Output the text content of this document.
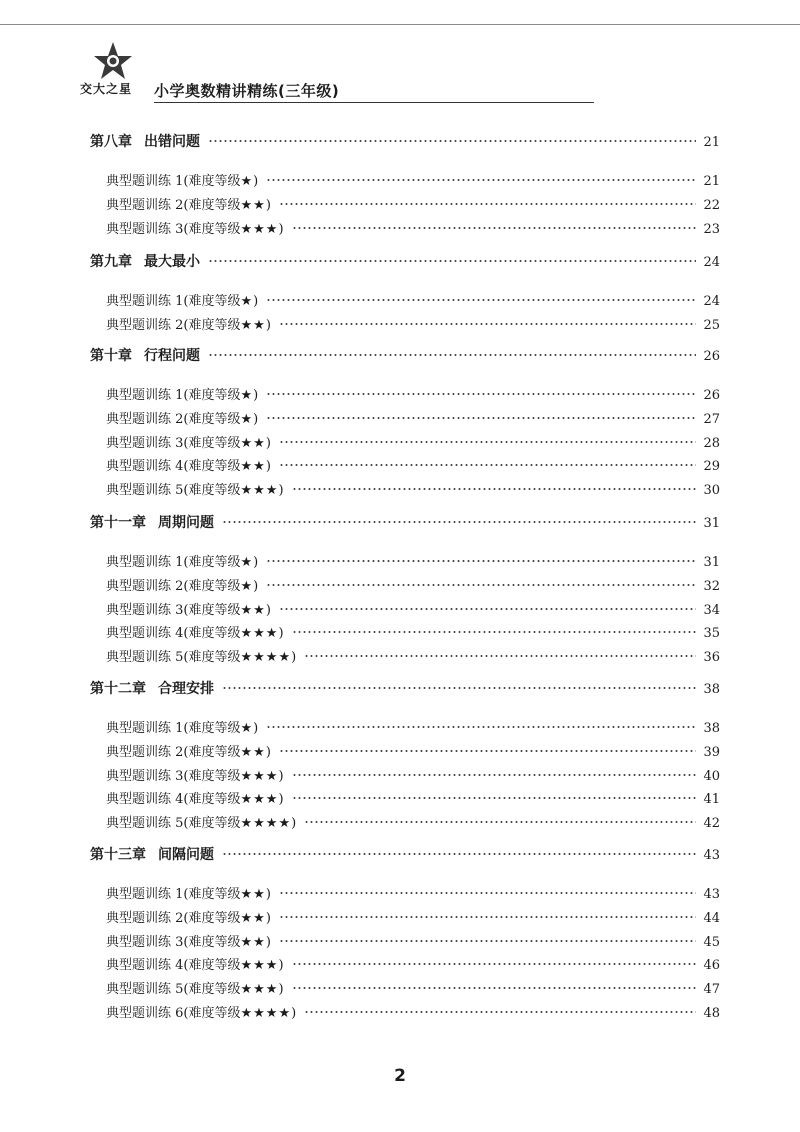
交大之星 小学奥数精讲精练(三年级)
第八章 出错问题	21
典型题训练 1( 难度等级 ★ )	21
典型题训练 2( 难度等级 ★★ )	22
典型题训练 3( 难度等级 ★★★ )	23
第九章 最大最小	24
典型题训练 1( 难度等级 ★ )	24
典型题训练 2( 难度等级 ★★ )	25
第十章 行程问题	26
典型题训练 1( 难度等级 ★ )	26
典型题训练 2( 难度等级 ★ )	27
典型题训练 3( 难度等级 ★★ )	28
典型题训练 4( 难度等级 ★★ )	29
典型题训练 5( 难度等级 ★★★ )	30
第十一章 周期问题	31
典型题训练 1( 难度等级 ★ )	31
典型题训练 2( 难度等级 ★ )	32
典型题训练 3( 难度等级 ★★ )	34
典型题训练 4( 难度等级 ★★★ )	35
典型题训练 5( 难度等级 ★★★★ )	36
第十二章 合理安排	38
典型题训练 1( 难度等级 ★ )	38
典型题训练 2( 难度等级 ★★ )	39
典型题训练 3( 难度等级 ★★★ )	40
典型题训练 4( 难度等级 ★★★ )	41
典型题训练 5( 难度等级 ★★★★ )	42
第十三章 间隔问题	43
典型题训练 1( 难度等级 ★★ )	43
典型题训练 2( 难度等级 ★★ )	44
典型题训练 3( 难度等级 ★★ )	45
典型题训练 4( 难度等级 ★★★ )	46
典型题训练 5( 难度等级 ★★★ )	47
典型题训练 6( 难度等级 ★★★★ )	48
2
